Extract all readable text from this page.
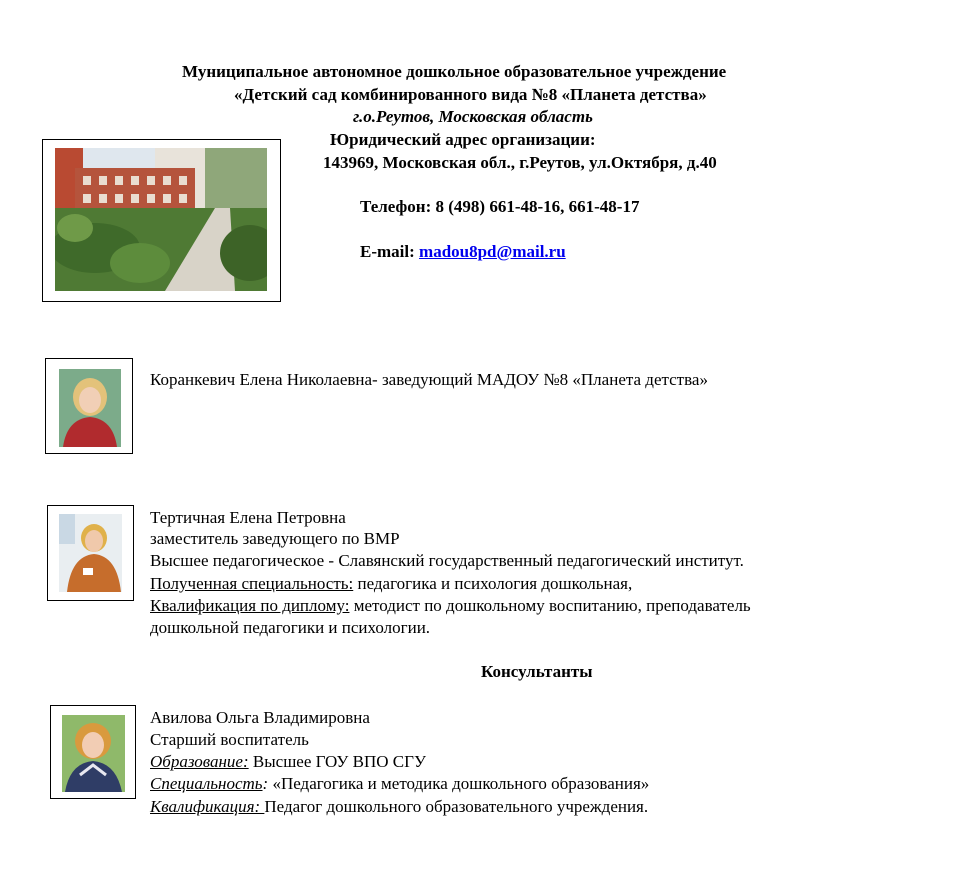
Муниципальное автономное дошкольное образовательное учреждение
«Детский сад комбинированного вида №8 «Планета детства»
г.о.Реутов, Московская область
Юридический адрес организации:
143969, Московская обл., г.Реутов, ул.Октября, д.40
Телефон: 8 (498) 661-48-16, 661-48-17
E-mail: madou8pd@mail.ru
Коранкевич Елена Николаевна- заведующий МАДОУ №8 «Планета детства»
Тертичная Елена Петровна
заместитель заведующего по ВМР
Высшее педагогическое - Славянский государственный педагогический институт.
Полученная специальность: педагогика и психология дошкольная,
Квалификация по диплому: методист по дошкольному воспитанию, преподаватель
дошкольной педагогики и психологии.
Консультанты
Авилова Ольга Владимировна
Старший воспитатель
Образование: Высшее ГОУ ВПО СГУ
Специальность: «Педагогика и методика дошкольного образования»
Квалификация: Педагог дошкольного образовательного учреждения.
